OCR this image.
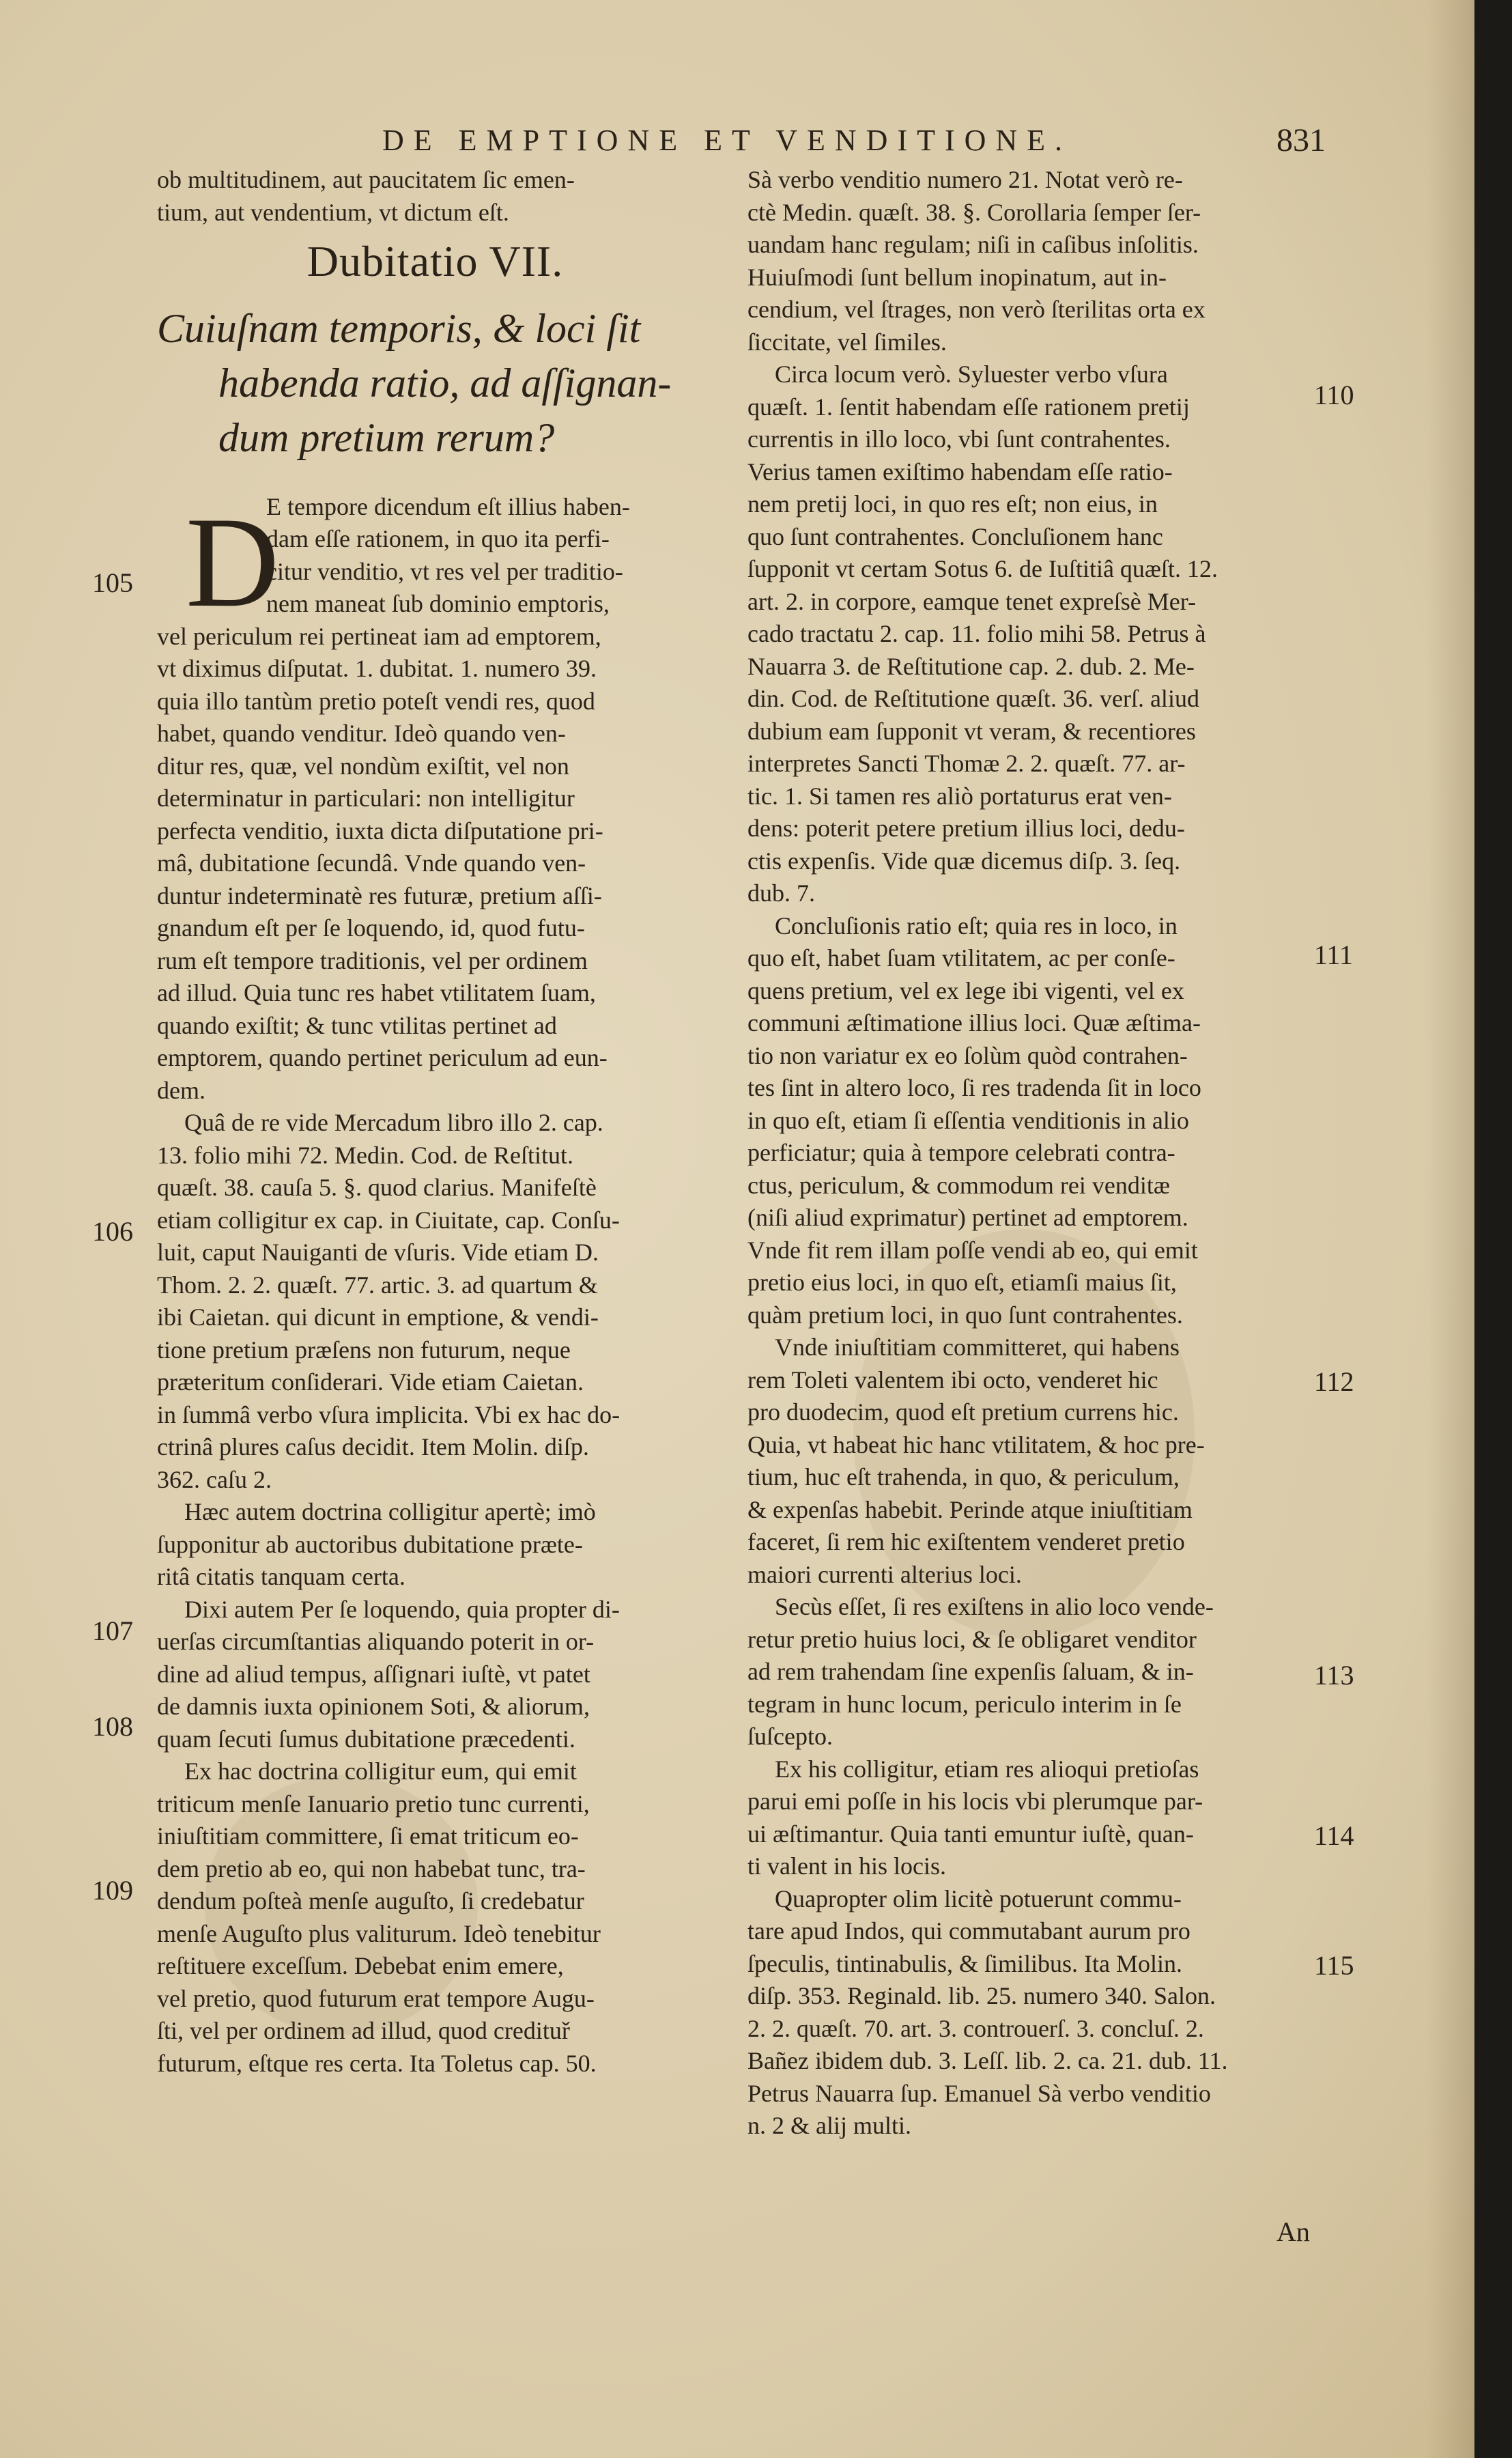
DE EMPTIONE ET VENDITIONE.	831
ob multitudinem, aut paucitatem ſic emen-
tium, aut vendentium, vt dictum eſt.
Dubitatio VII.
Cuiuſnam temporis, & loci ſit
habenda ratio, ad aſſignan-
dum pretium rerum?
D
E tempore dicendum eſt illius haben-
dam eſſe rationem, in quo ita perfi-
citur venditio, vt res vel per traditio-
nem maneat ſub dominio emptoris,
vel periculum rei pertineat iam ad emptorem,
vt diximus diſputat. 1. dubitat. 1. numero 39.
quia illo tantùm pretio poteſt vendi res, quod
habet, quando venditur. Ideò quando ven-
ditur res, quæ, vel nondùm exiſtit, vel non
determinatur in particulari: non intelligitur
perfecta venditio, iuxta dicta diſputatione pri-
mâ, dubitatione ſecundâ. Vnde quando ven-
duntur indeterminatè res futuræ, pretium aſſi-
gnandum eſt per ſe loquendo, id, quod futu-
rum eſt tempore traditionis, vel per ordinem
ad illud. Quia tunc res habet vtilitatem ſuam,
quando exiſtit; & tunc vtilitas pertinet ad
emptorem, quando pertinet periculum ad eun-
dem.
Quâ de re vide Mercadum libro illo 2. cap.
13. folio mihi 72. Medin. Cod. de Reſtitut.
quæſt. 38. cauſa 5. §. quod clarius. Manifeſtè
etiam colligitur ex cap. in Ciuitate, cap. Conſu-
luit, caput Nauiganti de vſuris. Vide etiam D.
Thom. 2. 2. quæſt. 77. artic. 3. ad quartum &
ibi Caietan. qui dicunt in emptione, & vendi-
tione pretium præſens non futurum, neque
præteritum conſiderari. Vide etiam Caietan.
in ſummâ verbo vſura implicita. Vbi ex hac do-
ctrinâ plures caſus decidit. Item Molin. diſp.
362. caſu 2.
Hæc autem doctrina colligitur apertè; imò
ſupponitur ab auctoribus dubitatione præte-
ritâ citatis tanquam certa.
Dixi autem Per ſe loquendo, quia propter di-
uerſas circumſtantias aliquando poterit in or-
dine ad aliud tempus, aſſignari iuſtè, vt patet
de damnis iuxta opinionem Soti, & aliorum,
quam ſecuti ſumus dubitatione præcedenti.
Ex hac doctrina colligitur eum, qui emit
triticum menſe Ianuario pretio tunc currenti,
iniuſtitiam committere, ſi emat triticum eo-
dem pretio ab eo, qui non habebat tunc, tra-
dendum poſteà menſe auguſto, ſi credebatur
menſe Auguſto plus valiturum. Ideò tenebitur
reſtituere exceſſum. Debebat enim emere,
vel pretio, quod futurum erat tempore Augu-
ſti, vel per ordinem ad illud, quod credituř
futurum, eſtque res certa. Ita Toletus cap. 50.
105
106
107
108
109
Sà verbo venditio numero 21. Notat verò re-
ctè Medin. quæſt. 38. §. Corollaria ſemper ſer-
uandam hanc regulam; niſi in caſibus inſolitis.
Huiuſmodi ſunt bellum inopinatum, aut in-
cendium, vel ſtrages, non verò ſterilitas orta ex
ſiccitate, vel ſimiles.
Circa locum verò. Syluester verbo vſura
quæſt. 1. ſentit habendam eſſe rationem pretij
currentis in illo loco, vbi ſunt contrahentes.
Verius tamen exiſtimo habendam eſſe ratio-
nem pretij loci, in quo res eſt; non eius, in
quo ſunt contrahentes. Concluſionem hanc
ſupponit vt certam Sotus 6. de Iuſtitiâ quæſt. 12.
art. 2. in corpore, eamque tenet expreſsè Mer-
cado tractatu 2. cap. 11. folio mihi 58. Petrus à
Nauarra 3. de Reſtitutione cap. 2. dub. 2. Me-
din. Cod. de Reſtitutione quæſt. 36. verſ. aliud
dubium eam ſupponit vt veram, & recentiores
interpretes Sancti Thomæ 2. 2. quæſt. 77. ar-
tic. 1. Si tamen res aliò portaturus erat ven-
dens: poterit petere pretium illius loci, dedu-
ctis expenſis. Vide quæ dicemus diſp. 3. ſeq.
dub. 7.
Concluſionis ratio eſt; quia res in loco, in
quo eſt, habet ſuam vtilitatem, ac per conſe-
quens pretium, vel ex lege ibi vigenti, vel ex
communi æſtimatione illius loci. Quæ æſtima-
tio non variatur ex eo ſolùm quòd contrahen-
tes ſint in altero loco, ſi res tradenda ſit in loco
in quo eſt, etiam ſi eſſentia venditionis in alio
perficiatur; quia à tempore celebrati contra-
ctus, periculum, & commodum rei venditæ
(niſi aliud exprimatur) pertinet ad emptorem.
Vnde fit rem illam poſſe vendi ab eo, qui emit
pretio eius loci, in quo eſt, etiamſi maius ſit,
quàm pretium loci, in quo ſunt contrahentes.
Vnde iniuſtitiam committeret, qui habens
rem Toleti valentem ibi octo, venderet hic
pro duodecim, quod eſt pretium currens hic.
Quia, vt habeat hic hanc vtilitatem, & hoc pre-
tium, huc eſt trahenda, in quo, & periculum,
& expenſas habebit. Perinde atque iniuſtitiam
faceret, ſi rem hic exiſtentem venderet pretio
maiori currenti alterius loci.
Secùs eſſet, ſi res exiſtens in alio loco vende-
retur pretio huius loci, & ſe obligaret venditor
ad rem trahendam ſine expenſis ſaluam, & in-
tegram in hunc locum, periculo interim in ſe
ſuſcepto.
Ex his colligitur, etiam res alioqui pretioſas
parui emi poſſe in his locis vbi plerumque par-
ui æſtimantur. Quia tanti emuntur iuſtè, quan-
ti valent in his locis.
Quapropter olim licitè potuerunt commu-
tare apud Indos, qui commutabant aurum pro
ſpeculis, tintinabulis, & ſimilibus. Ita Molin.
diſp. 353. Reginald. lib. 25. numero 340. Salon.
2. 2. quæſt. 70. art. 3. controuerſ. 3. concluſ. 2.
Bañez ibidem dub. 3. Leſſ. lib. 2. ca. 21. dub. 11.
Petrus Nauarra ſup. Emanuel Sà verbo venditio
n. 2 & alij multi.
110
111
112
113
114
115
An
